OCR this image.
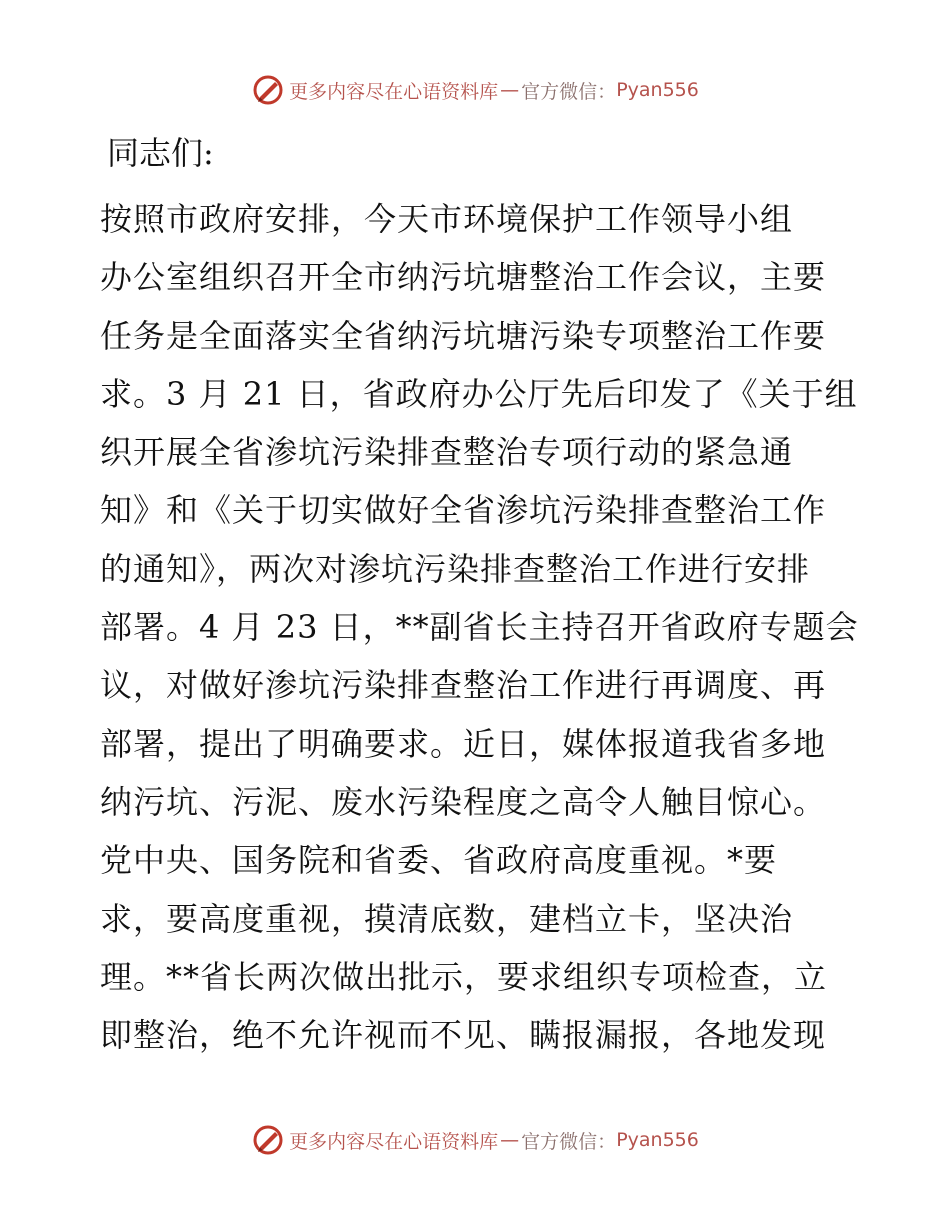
更多内容尽在心语资料库 — 官方微信： Pyan556
同志们:
按照市政府安排，今天市环境保护工作领导小组
办公室组织召开全市纳污坑塘整治工作会议，主要
任务是全面落实全省纳污坑塘污染专项整治工作要
求。3 月 21 日，省政府办公厅先后印发了《关于组
织开展全省渗坑污染排查整治专项行动的紧急通
知》和《关于切实做好全省渗坑污染排查整治工作
的通知》，两次对渗坑污染排查整治工作进行安排
部署。4 月 23 日，**副省长主持召开省政府专题会
议，对做好渗坑污染排查整治工作进行再调度、再
部署，提出了明确要求。近日，媒体报道我省多地
纳污坑、污泥、废水污染程度之高令人触目惊心。
党中央、国务院和省委、省政府高度重视。*要
求，要高度重视，摸清底数，建档立卡，坚决治
理。**省长两次做出批示，要求组织专项检查，立
即整治，绝不允许视而不见、瞒报漏报，各地发现
更多内容尽在心语资料库 — 官方微信： Pyan556
